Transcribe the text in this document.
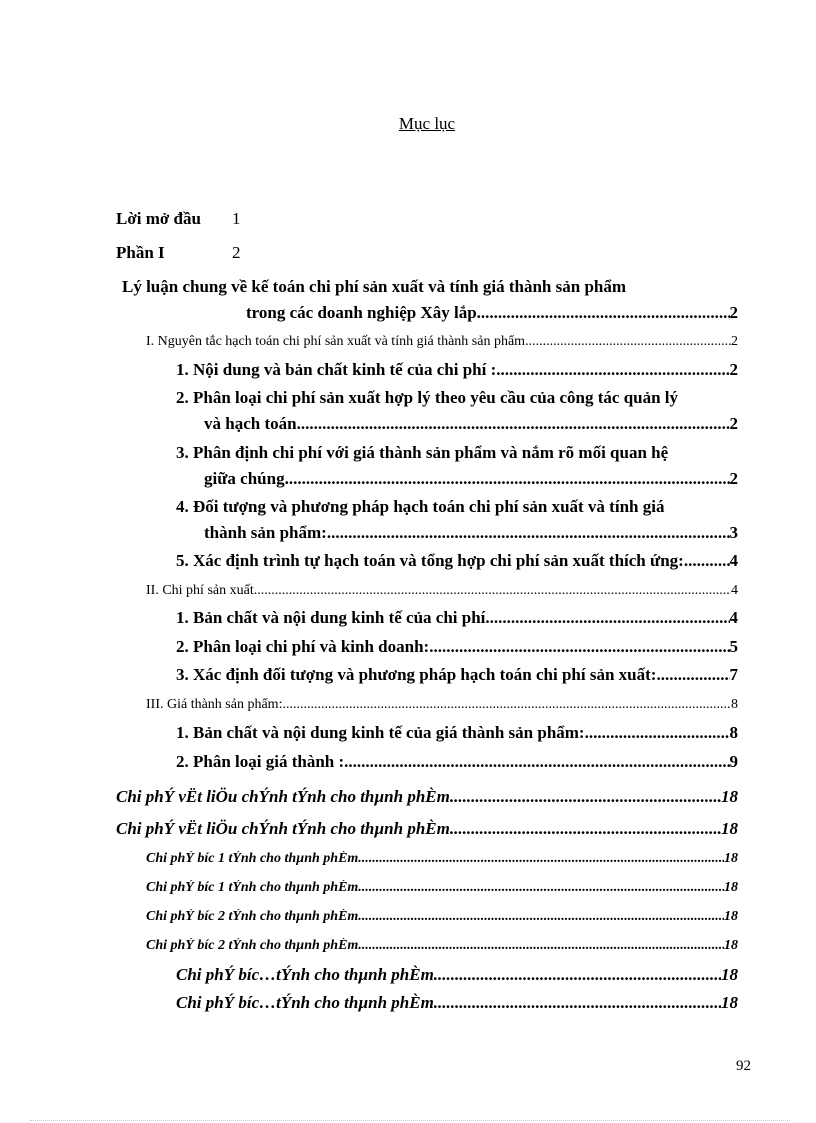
Mục lục
Lời mở đầu 1
Phần I	2
Lý luận chung về kế toán chi phí sản xuất và tính giá thành sản phẩm
trong các doanh nghiệp Xây lắp. .....	2
I. Nguyên tắc hạch toán chi phí sản xuất và tính giá thành sản phẩm .....	2
1. Nội dung và bản chất kinh tế của chi phí : .....	2
2. Phân loại chi phí sản xuất hợp lý theo yêu cầu của công tác quản lý
và hạch toán .....	2
3. Phân định chi phí với giá thành sản phẩm và nắm rõ mối quan hệ
giữa chúng .....	2
4. Đối tượng và phương pháp hạch toán chi phí sản xuất và tính giá
thành sản phẩm: .....	3
5. Xác định trình tự hạch toán và tổng hợp chi phí sản xuất thích ứng: .....	4
II. Chi phí sản xuất .....	4
1. Bản chất và nội dung kinh tế của chi phí .....	4
2. Phân loại chi phí và kinh doanh: .....	5
3. Xác định đối tượng và phương pháp hạch toán chi phí sản xuất: .....	7
III. Giá thành sản phẩm: .....	8
1. Bản chất và nội dung kinh tế của giá thành sản phẩm: .....	8
2. Phân loại giá thành : .....	9
Chi phÝ vËt liÖu chÝnh tÝnh cho thµnh phÈm .....	18
Chi phÝ vËt liÖu chÝnh tÝnh cho thµnh phÈm .....	18
Chi phÝ bíc 1 tÝnh cho thµnh phÈm .....	18
Chi phÝ bíc 1 tÝnh cho thµnh phÈm .....	18
Chi phÝ bíc 2 tÝnh cho thµnh phÈm .....	18
Chi phÝ bíc 2 tÝnh cho thµnh phÈm .....	18
Chi phÝ bíc…tÝnh cho thµnh phÈm .....	18
Chi phÝ bíc…tÝnh cho thµnh phÈm .....	18
92
